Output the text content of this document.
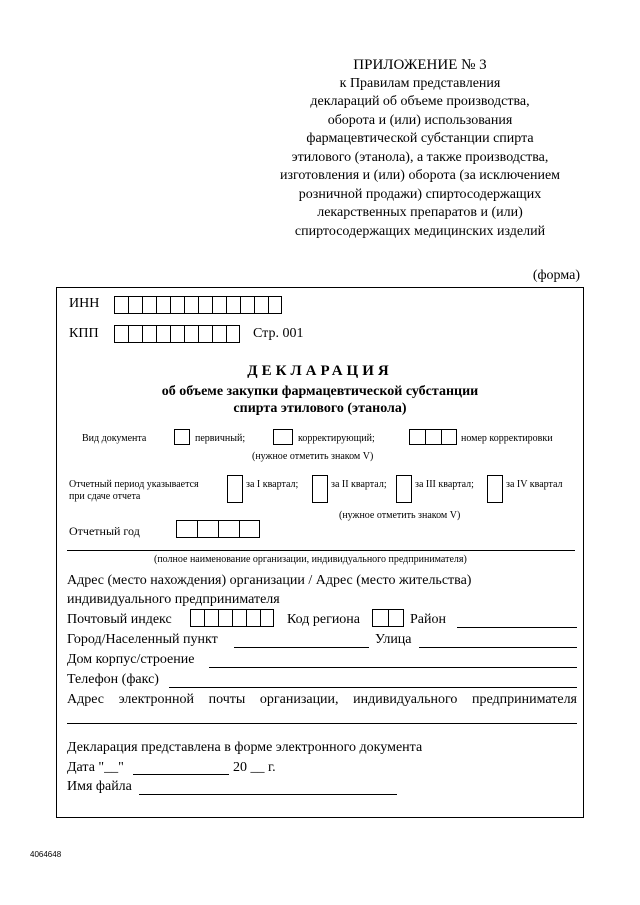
ПРИЛОЖЕНИЕ № 3
к Правилам представления
деклараций об объеме производства,
оборота и (или) использования
фармацевтической субстанции спирта
этилового (этанола), а также производства,
изготовления и (или) оборота (за исключением
розничной продажи) спиртосодержащих
лекарственных препаратов и (или)
спиртосодержащих медицинских изделий
(форма)
ИНН
КПП	Стр. 001
ДЕКЛАРАЦИЯ
об объеме закупки фармацевтической субстанции
спирта этилового (этанола)
Вид документа	первичный;	корректирующий;	номер корректировки
(нужное отметить знаком V)
Отчетный период указывается
при сдаче отчета
за I квартал;	за II квартал;	за III квартал;	за IV квартал
(нужное отметить знаком V)
Отчетный год
(полное наименование организации, индивидуального предпринимателя)
Адрес (место нахождения) организации / Адрес (место жительства)
индивидуального предпринимателя
Почтовый индекс	Код региона	Район
Город/Населенный пункт	Улица
Дом корпус/строение
Телефон (факс)
Адрес электронной почты организации, индивидуального предпринимателя
Декларация представлена в форме электронного документа
Дата "__"	20 __ г.
Имя файла
4064648
